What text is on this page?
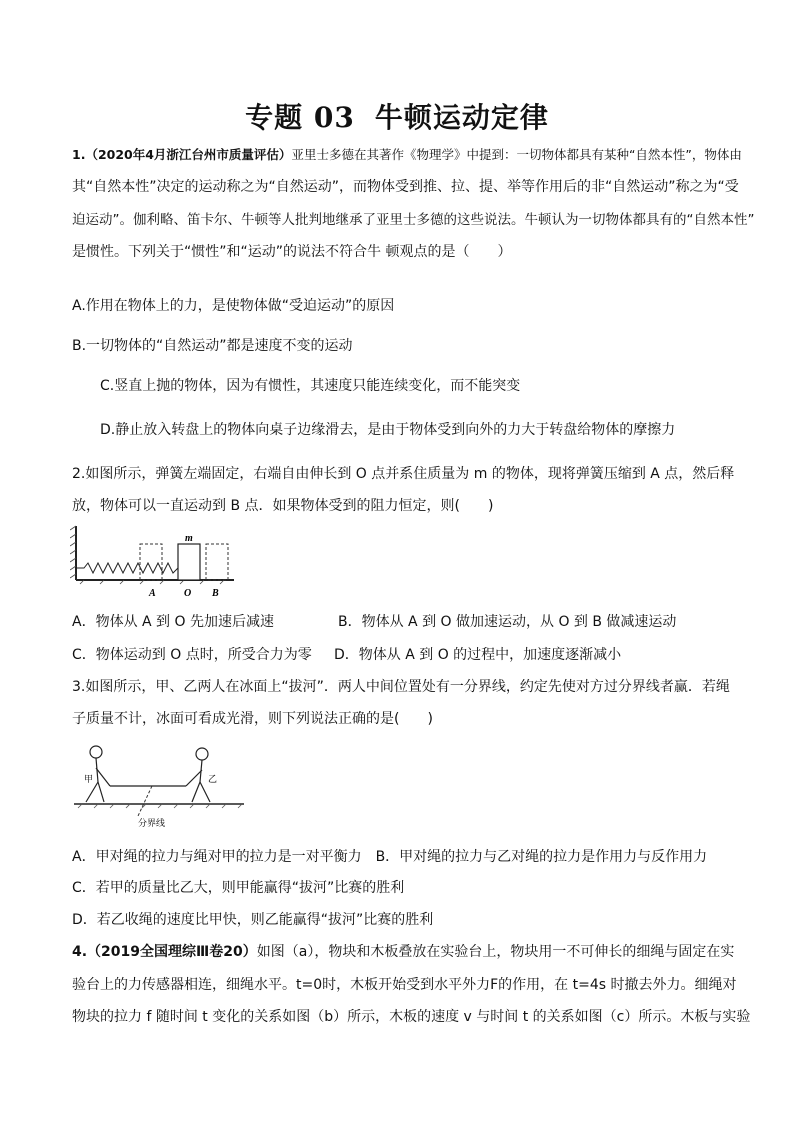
专题 03 牛顿运动定律
1.（2020年4月浙江台州市质量评估）亚里士多德在其著作《物理学》中提到：一切物体都具有某种“自然本性”，物体由
其“自然本性”决定的运动称之为“自然运动”，而物体受到推、拉、提、举等作用后的非“自然运动”称之为“受
迫运动”。伽利略、笛卡尔、牛顿等人批判地继承了亚里士多德的这些说法。牛顿认为一切物体都具有的“自然本性”
是惯性。下列关于“惯性”和“运动”的说法不符合牛 顿观点的是（　　）
A.作用在物体上的力，是使物体做“受迫运动”的原因
B.一切物体的“自然运动”都是速度不变的运动
C.竖直上抛的物体，因为有惯性，其速度只能连续变化，而不能突变
D.静止放入转盘上的物体向桌子边缘滑去，是由于物体受到向外的力大于转盘给物体的摩擦力
2.如图所示，弹簧左端固定，右端自由伸长到 O 点并系住质量为 m 的物体，现将弹簧压缩到 A 点，然后释
放，物体可以一直运动到 B 点．如果物体受到的阻力恒定，则(　　)
m
A	O B
A．物体从 A 到 O 先加速后减速	B．物体从 A 到 O 做加速运动，从 O 到 B 做减速运动
C．物体运动到 O 点时，所受合力为零 D．物体从 A 到 O 的过程中，加速度逐渐减小
3.如图所示，甲、乙两人在冰面上“拔河”．两人中间位置处有一分界线，约定先使对方过分界线者赢．若绳
子质量不计，冰面可看成光滑，则下列说法正确的是(　　)
甲	乙
分界线
A．甲对绳的拉力与绳对甲的拉力是一对平衡力　B．甲对绳的拉力与乙对绳的拉力是作用力与反作用力
C．若甲的质量比乙大，则甲能赢得“拔河”比赛的胜利
D．若乙收绳的速度比甲快，则乙能赢得“拔河”比赛的胜利
4.（2019全国理综Ⅲ卷20）如图（a），物块和木板叠放在实验台上，物块用一不可伸长的细绳与固定在实
验台上的力传感器相连，细绳水平。t=0时，木板开始受到水平外力F的作用，在 t=4s 时撤去外力。细绳对
物块的拉力 f 随时间 t 变化的关系如图（b）所示，木板的速度 v 与时间 t 的关系如图（c）所示。木板与实验
